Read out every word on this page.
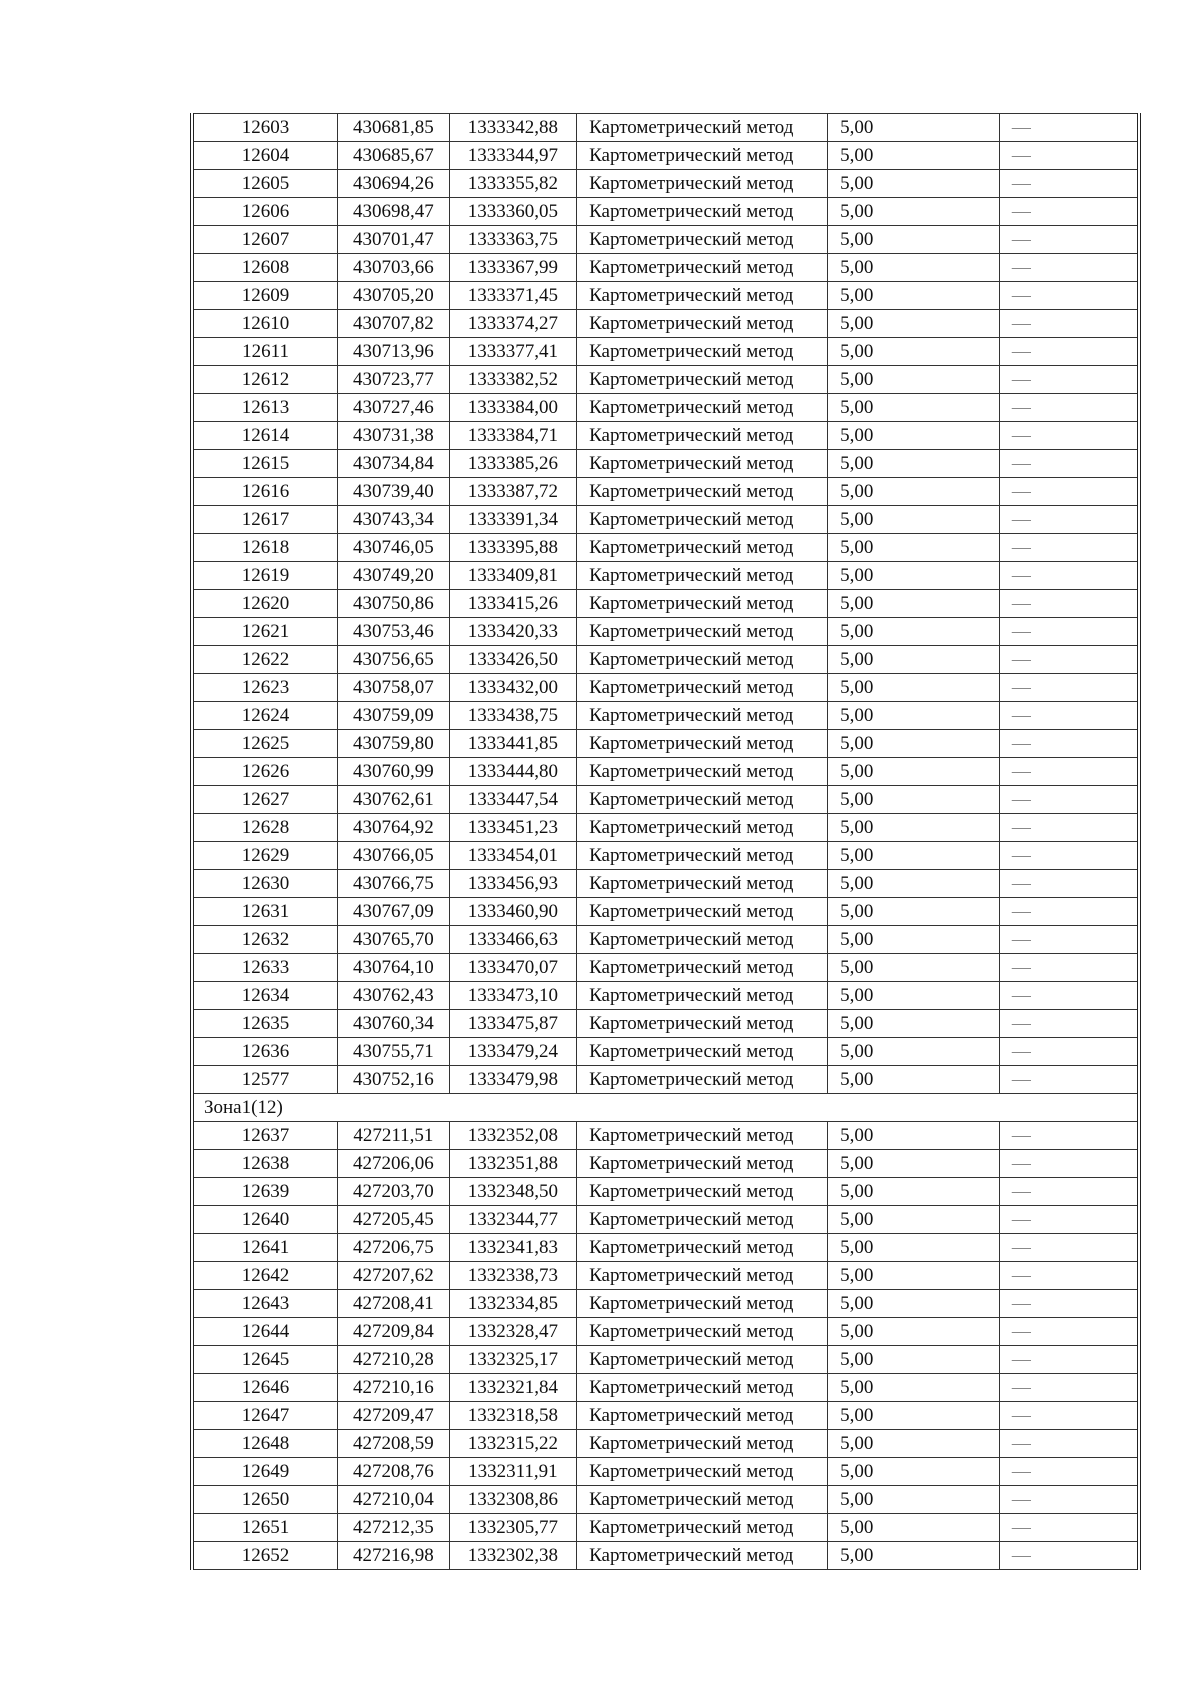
12603	430681,85	1333342,88	Картометрический метод	5,00	—
12604	430685,67	1333344,97	Картометрический метод	5,00	—
12605	430694,26	1333355,82	Картометрический метод	5,00	—
12606	430698,47	1333360,05	Картометрический метод	5,00	—
12607	430701,47	1333363,75	Картометрический метод	5,00	—
12608	430703,66	1333367,99	Картометрический метод	5,00	—
12609	430705,20	1333371,45	Картометрический метод	5,00	—
12610	430707,82	1333374,27	Картометрический метод	5,00	—
12611	430713,96	1333377,41	Картометрический метод	5,00	—
12612	430723,77	1333382,52	Картометрический метод	5,00	—
12613	430727,46	1333384,00	Картометрический метод	5,00	—
12614	430731,38	1333384,71	Картометрический метод	5,00	—
12615	430734,84	1333385,26	Картометрический метод	5,00	—
12616	430739,40	1333387,72	Картометрический метод	5,00	—
12617	430743,34	1333391,34	Картометрический метод	5,00	—
12618	430746,05	1333395,88	Картометрический метод	5,00	—
12619	430749,20	1333409,81	Картометрический метод	5,00	—
12620	430750,86	1333415,26	Картометрический метод	5,00	—
12621	430753,46	1333420,33	Картометрический метод	5,00	—
12622	430756,65	1333426,50	Картометрический метод	5,00	—
12623	430758,07	1333432,00	Картометрический метод	5,00	—
12624	430759,09	1333438,75	Картометрический метод	5,00	—
12625	430759,80	1333441,85	Картометрический метод	5,00	—
12626	430760,99	1333444,80	Картометрический метод	5,00	—
12627	430762,61	1333447,54	Картометрический метод	5,00	—
12628	430764,92	1333451,23	Картометрический метод	5,00	—
12629	430766,05	1333454,01	Картометрический метод	5,00	—
12630	430766,75	1333456,93	Картометрический метод	5,00	—
12631	430767,09	1333460,90	Картометрический метод	5,00	—
12632	430765,70	1333466,63	Картометрический метод	5,00	—
12633	430764,10	1333470,07	Картометрический метод	5,00	—
12634	430762,43	1333473,10	Картометрический метод	5,00	—
12635	430760,34	1333475,87	Картометрический метод	5,00	—
12636	430755,71	1333479,24	Картометрический метод	5,00	—
12577	430752,16	1333479,98	Картометрический метод	5,00	—
Зона1(12)					
12637	427211,51	1332352,08	Картометрический метод	5,00	—
12638	427206,06	1332351,88	Картометрический метод	5,00	—
12639	427203,70	1332348,50	Картометрический метод	5,00	—
12640	427205,45	1332344,77	Картометрический метод	5,00	—
12641	427206,75	1332341,83	Картометрический метод	5,00	—
12642	427207,62	1332338,73	Картометрический метод	5,00	—
12643	427208,41	1332334,85	Картометрический метод	5,00	—
12644	427209,84	1332328,47	Картометрический метод	5,00	—
12645	427210,28	1332325,17	Картометрический метод	5,00	—
12646	427210,16	1332321,84	Картометрический метод	5,00	—
12647	427209,47	1332318,58	Картометрический метод	5,00	—
12648	427208,59	1332315,22	Картометрический метод	5,00	—
12649	427208,76	1332311,91	Картометрический метод	5,00	—
12650	427210,04	1332308,86	Картометрический метод	5,00	—
12651	427212,35	1332305,77	Картометрический метод	5,00	—
12652	427216,98	1332302,38	Картометрический метод	5,00	—
